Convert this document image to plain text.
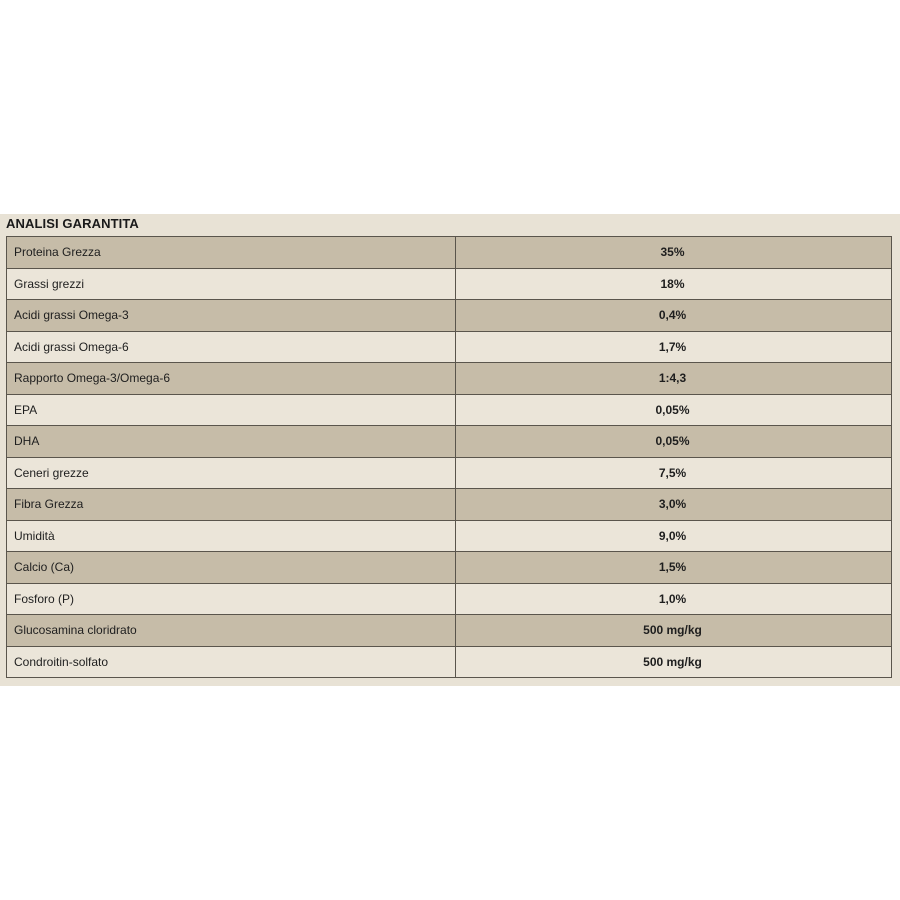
ANALISI GARANTITA
Proteina Grezza	35%
Grassi grezzi	18%
Acidi grassi Omega-3	0,4%
Acidi grassi Omega-6	1,7%
Rapporto Omega-3/Omega-6	1:4,3
EPA	0,05%
DHA	0,05%
Ceneri grezze	7,5%
Fibra Grezza	3,0%
Umidità	9,0%
Calcio (Ca)	1,5%
Fosforo (P)	1,0%
Glucosamina cloridrato	500 mg/kg
Condroitin-solfato	500 mg/kg
